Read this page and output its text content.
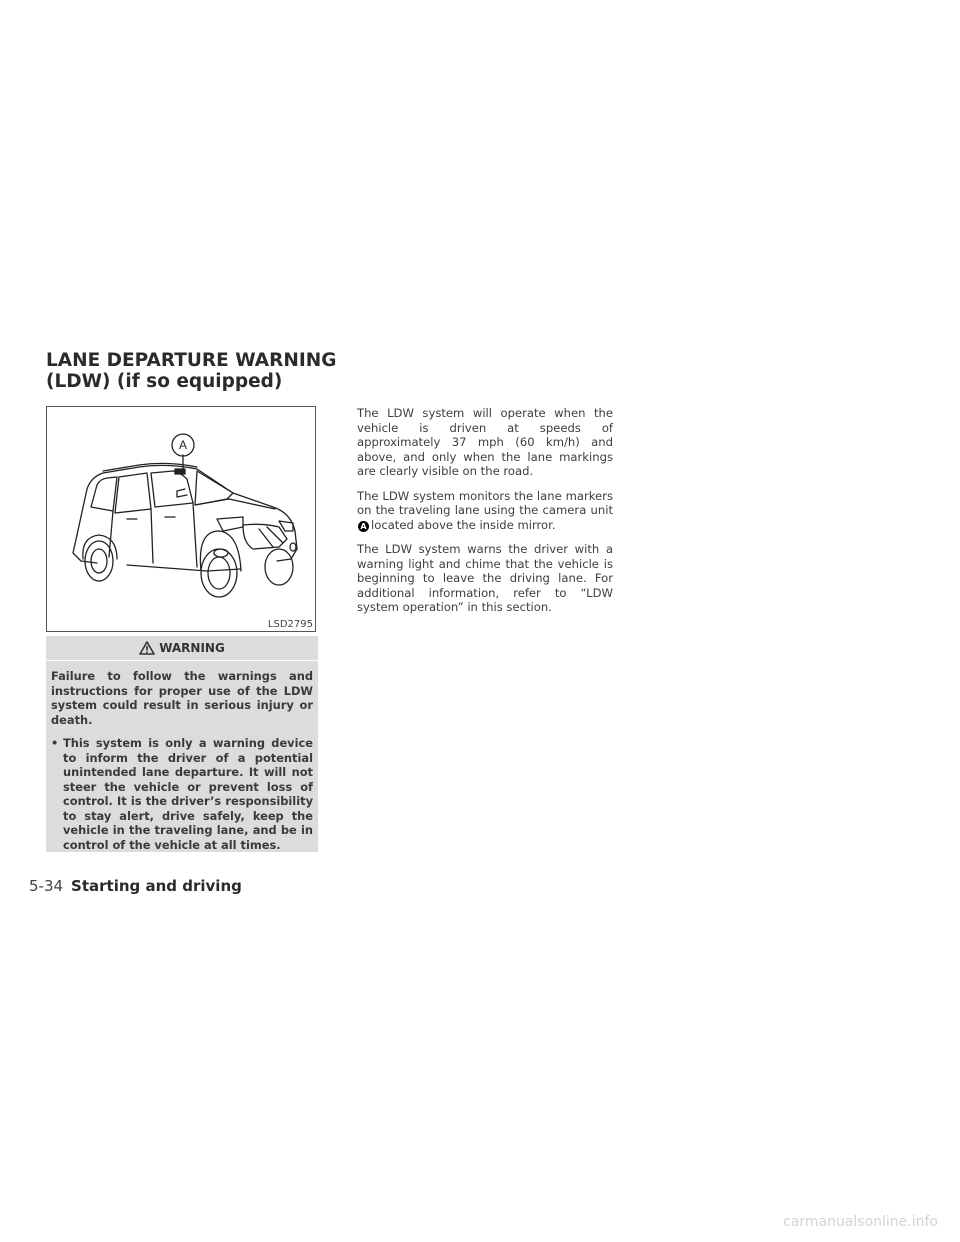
LANE DEPARTURE WARNING (LDW) (if so equipped)
A
LSD2795
WARNING

Failure to follow the warnings and instructions for proper use of the LDW system could result in serious injury or death.

• This system is only a warning device to inform the driver of a potential unintended lane departure. It will not steer the vehicle or prevent loss of control. It is the driver’s responsibility to stay alert, drive safely, keep the vehicle in the traveling lane, and be in control of the vehicle at all times.

The LDW system will operate when the vehicle is driven at speeds of approximately 37 mph (60 km/h) and above, and only when the lane markings are clearly visible on the road.

The LDW system monitors the lane markers on the traveling lane using the camera unitA located above the inside mirror.

The LDW system warns the driver with a warning light and chime that the vehicle is beginning to leave the driving lane. For additional information, refer to “LDW system operation” in this section.

5-34 Starting and driving
carmanualsonline.info
